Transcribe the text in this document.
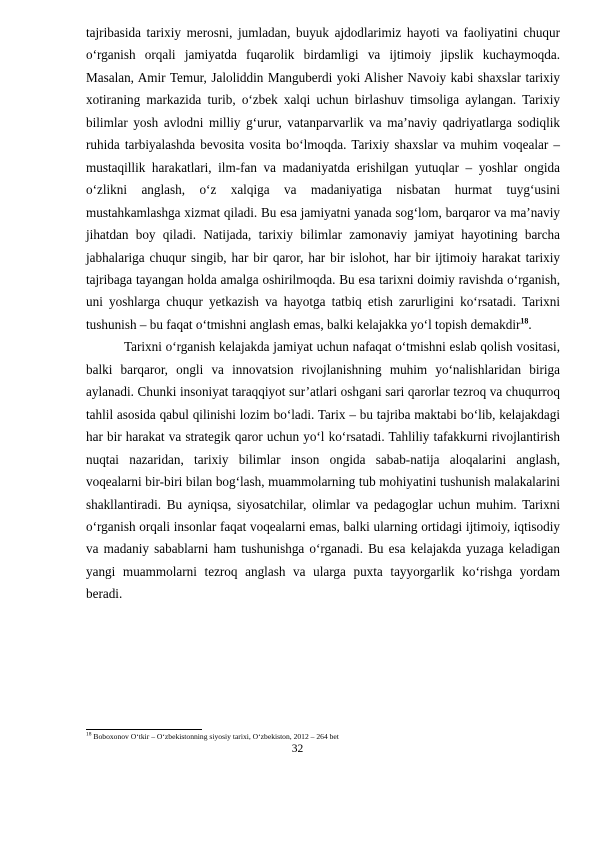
tajribasida tarixiy merosni, jumladan, buyuk ajdodlarimiz hayoti va faoliyatini chuqur o‘rganish orqali jamiyatda fuqarolik birdamligi va ijtimoiy jipslik kuchaymoqda. Masalan, Amir Temur, Jaloliddin Manguberdi yoki Alisher Navoiy kabi shaxslar tarixiy xotiraning markazida turib, o‘zbek xalqi uchun birlashuv timsoliga aylangan. Tarixiy bilimlar yosh avlodni milliy g‘urur, vatanparvarlik va ma’naviy qadriyatlarga sodiqlik ruhida tarbiyalashda bevosita vosita bo‘lmoqda. Tarixiy shaxslar va muhim voqealar – mustaqillik harakatlari, ilm-fan va madaniyatda erishilgan yutuqlar – yoshlar ongida o‘zlikni anglash, o‘z xalqiga va madaniyatiga nisbatan hurmat tuyg‘usini mustahkamlashga xizmat qiladi. Bu esa jamiyatni yanada sog‘lom, barqaror va ma’naviy jihatdan boy qiladi. Natijada, tarixiy bilimlar zamonaviy jamiyat hayotining barcha jabhalariga chuqur singib, har bir qaror, har bir islohot, har bir ijtimoiy harakat tarixiy tajribaga tayangan holda amalga oshirilmoqda. Bu esa tarixni doimiy ravishda o‘rganish, uni yoshlarga chuqur yetkazish va hayotga tatbiq etish zarurligini ko‘rsatadi. Tarixni tushunish – bu faqat o‘tmishni anglash emas, balki kelajakka yo‘l topish demakdir$^{18}$.

Tarixni o‘rganish kelajakda jamiyat uchun nafaqat o‘tmishni eslab qolish vositasi, balki barqaror, ongli va innovatsion rivojlanishning muhim yo‘nalishlaridan biriga aylanadi. Chunki insoniyat taraqqiyot sur’atlari oshgani sari qarorlar tezroq va chuqurroq tahlil asosida qabul qilinishi lozim bo‘ladi. Tarix – bu tajriba maktabi bo‘lib, kelajakdagi har bir harakat va strategik qaror uchun yo‘l ko‘rsatadi. Tahliliy tafakkurni rivojlantirish nuqtai nazaridan, tarixiy bilimlar inson ongida sabab-natija aloqalarini anglash, voqealarni bir-biri bilan bog‘lash, muammolarning tub mohiyatini tushunish malakalarini shakllantiradi. Bu ayniqsa, siyosatchilar, olimlar va pedagoglar uchun muhim. Tarixni o‘rganish orqali insonlar faqat voqealarni emas, balki ularning ortidagi ijtimoiy, iqtisodiy va madaniy sabablarni ham tushunishga o‘rganadi. Bu esa kelajakda yuzaga keladigan yangi muammolarni tezroq anglash va ularga puxta tayyorgarlik ko‘rishga yordam beradi.

$^{18}$ Boboxonov O‘tkir – O‘zbekistonning siyosiy tarixi, O‘zbekiston, 2012 – 264 bet
32
